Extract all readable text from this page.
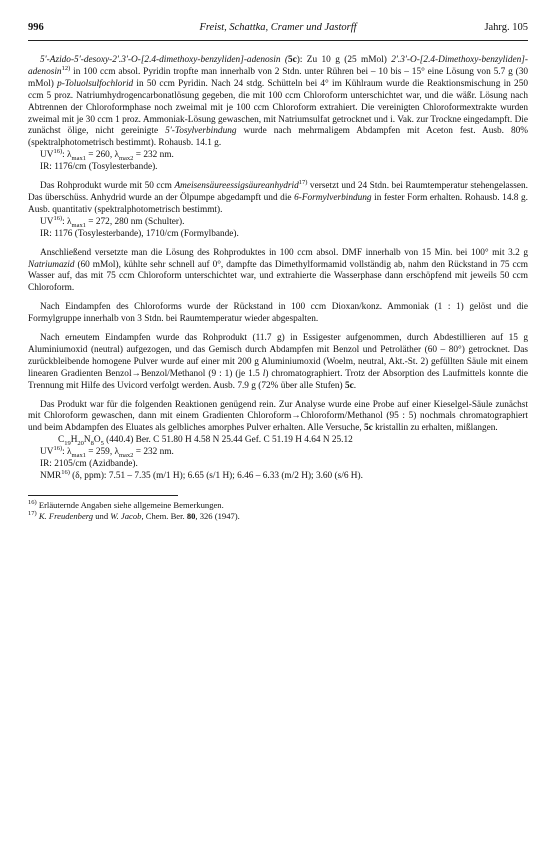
996	Freist, Schattka, Cramer und Jastorff	Jahrg. 105

5′-Azido-5′-desoxy-2′.3′-O-[2.4-dimethoxy-benzyliden]-adenosin (5c): Zu 10 g (25 mMol) 2′.3′-O-[2.4-Dimethoxy-benzyliden]-adenosin$^{12)}$ in 100 ccm absol. Pyridin tropfte man innerhalb von 2 Stdn. unter Rühren bei – 10 bis – 15° eine Lösung von 5.7 g (30 mMol) p-Toluolsulfochlorid in 50 ccm Pyridin. Nach 24 stdg. Schütteln bei 4° im Kühlraum wurde die Reaktionsmischung in 250 ccm 5 proz. Natriumhydrogencarbonatlösung gegeben, die mit 100 ccm Chloroform unterschichtet war, und die wäßr. Lösung nach Abtrennen der Chloroformphase noch zweimal mit je 100 ccm Chloroform extrahiert. Die vereinigten Chloroformextrakte wurden zweimal mit je 30 ccm 1 proz. Ammoniak-Lösung gewaschen, mit Natriumsulfat getrocknet und i. Vak. zur Trockne eingedampft. Die zunächst ölige, nicht gereinigte 5′-Tosylverbindung wurde nach mehrmaligem Abdampfen mit Aceton fest. Ausb. 80% (spektralphotometrisch bestimmt). Rohausb. 14.1 g.

UV$^{16)}$: $\lambda_{max1} = 260$, $\lambda_{max2} = 232$ nm.

IR: 1176/cm (Tosylesterbande).

Das Rohprodukt wurde mit 50 ccm Ameisensäureessigsäureanhydrid$^{17)}$ versetzt und 24 Stdn. bei Raumtemperatur stehengelassen. Das überschüss. Anhydrid wurde an der Ölpumpe abgedampft und die 6-Formylverbindung in fester Form erhalten. Rohausb. 14.8 g. Ausb. quantitativ (spektralphotometrisch bestimmt).

UV$^{16)}$: $\lambda_{max1} = 272$, 280 nm (Schulter).

IR: 1176 (Tosylesterbande), 1710/cm (Formylbande).

Anschließend versetzte man die Lösung des Rohproduktes in 100 ccm absol. DMF innerhalb von 15 Min. bei 100° mit 3.2 g Natriumazid (60 mMol), kühlte sehr schnell auf 0°, dampfte das Dimethylformamid vollständig ab, nahm den Rückstand in 75 ccm Wasser auf, das mit 75 ccm Chloroform unterschichtet war, und extrahierte die Wasserphase dann erschöpfend mit jeweils 50 ccm Chloroform.

Nach Eindampfen des Chloroforms wurde der Rückstand in 100 ccm Dioxan/konz. Ammoniak (1 : 1) gelöst und die Formylgruppe innerhalb von 3 Stdn. bei Raumtemperatur wieder abgespalten.

Nach erneutem Eindampfen wurde das Rohprodukt (11.7 g) in Essigester aufgenommen, durch Abdestillieren auf 15 g Aluminiumoxid (neutral) aufgezogen, und das Gemisch durch Abdampfen mit Benzol und Petroläther (60 – 80°) getrocknet. Das zurückbleibende homogene Pulver wurde auf einer mit 200 g Aluminiumoxid (Woelm, neutral, Akt.-St. 2) gefüllten Säule mit einem linearen Gradienten Benzol→Benzol/Methanol (9 : 1) (je 1.5 l) chromatographiert. Trotz der Absorption des Laufmittels konnte die Trennung mit Hilfe des Uvicord verfolgt werden. Ausb. 7.9 g (72% über alle Stufen) 5c.

Das Produkt war für die folgenden Reaktionen genügend rein. Zur Analyse wurde eine Probe auf einer Kieselgel-Säule zunächst mit Chloroform gewaschen, dann mit einem Gradienten Chloroform→Chloroform/Methanol (95 : 5) nochmals chromatographiert und beim Abdampfen des Eluates als gelbliches amorphes Pulver erhalten. Alle Versuche, 5c kristallin zu erhalten, mißlangen.

$C_{19}H_{20}N_8O_5$ (440.4) Ber. C 51.80 H 4.58 N 25.44 Gef. C 51.19 H 4.64 N 25.12

UV$^{16)}$: $\lambda_{max1} = 259$, $\lambda_{max2} = 232$ nm.

IR: 2105/cm (Azidbande).

NMR$^{16)}$ (δ, ppm): 7.51 – 7.35 (m/1 H); 6.65 (s/1 H); 6.46 – 6.33 (m/2 H); 3.60 (s/6 H).

$^{16)}$ Erläuternde Angaben siehe allgemeine Bemerkungen.

$^{17)}$ K. Freudenberg und W. Jacob, Chem. Ber. 80, 326 (1947).
